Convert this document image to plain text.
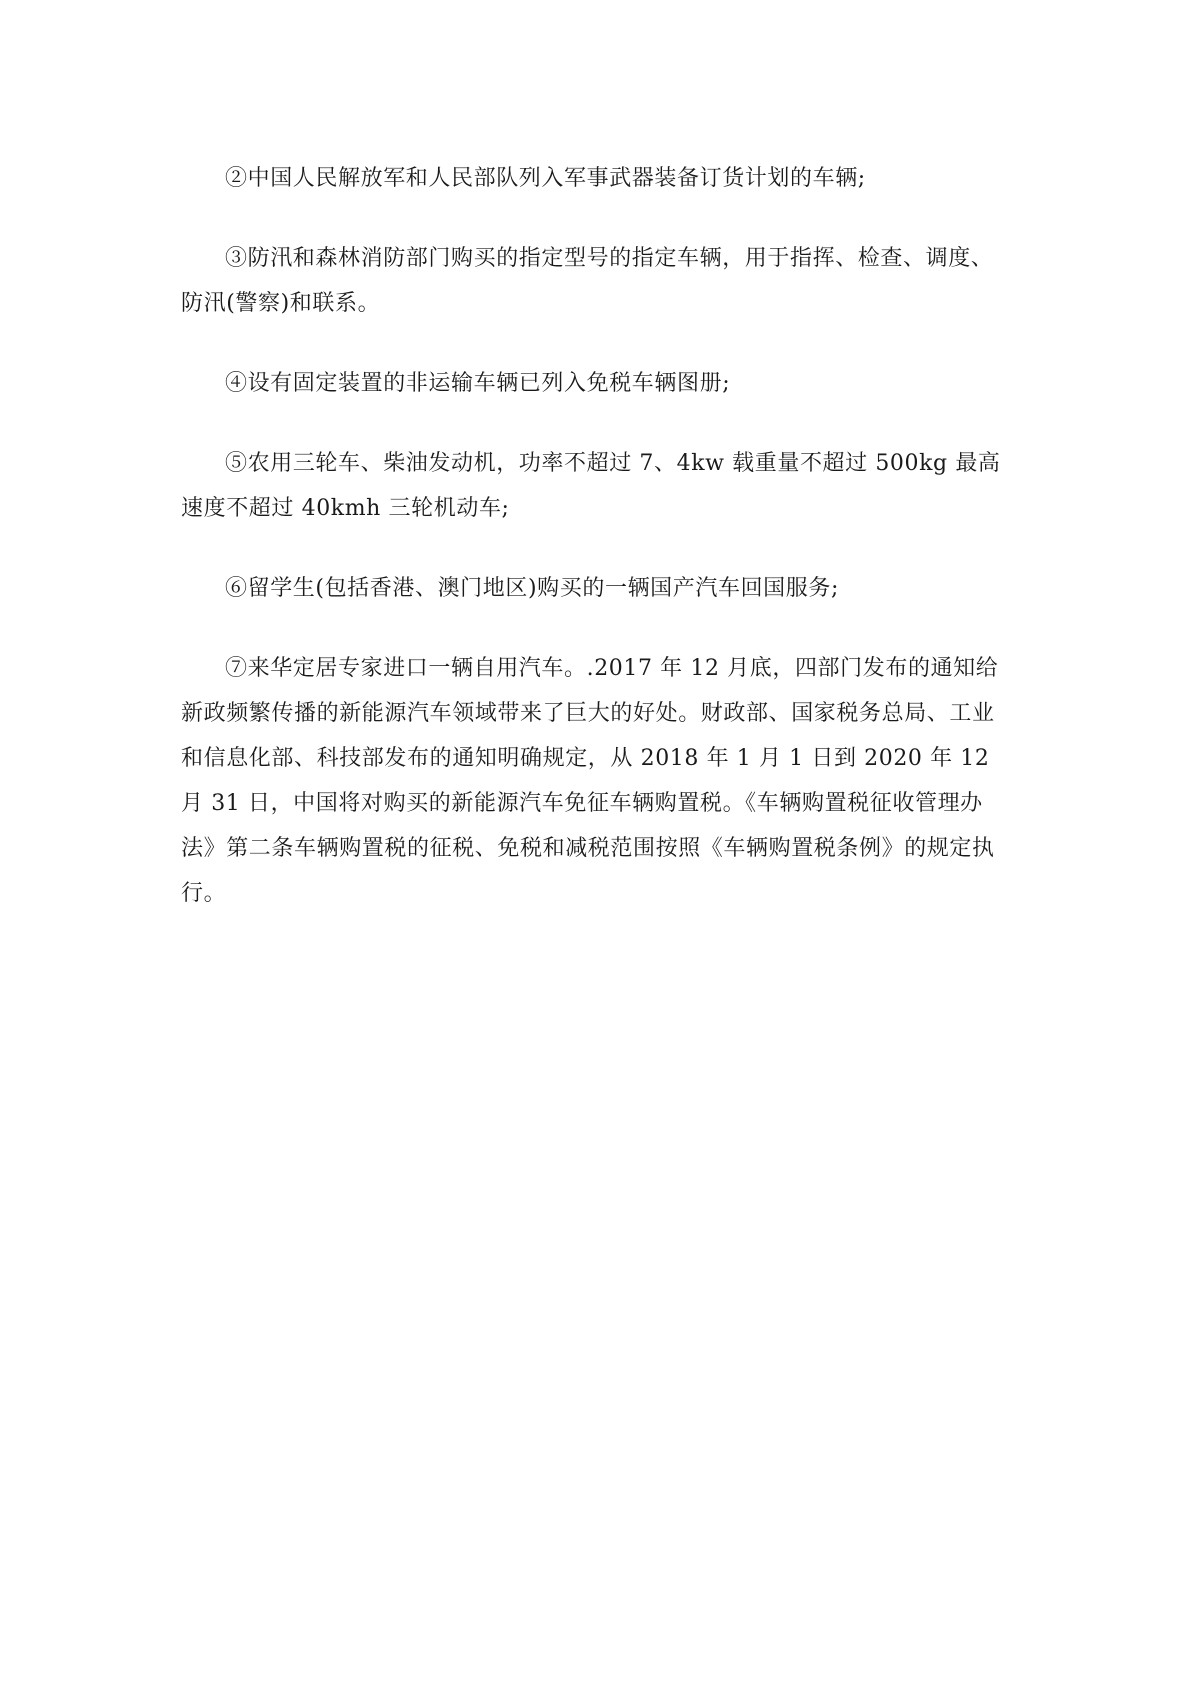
②中国人民解放军和人民部队列入军事武器装备订货计划的车辆;

③防汛和森林消防部门购买的指定型号的指定车辆，用于指挥、检查、调度、防汛(警察)和联系。

④设有固定装置的非运输车辆已列入免税车辆图册;

⑤农用三轮车、柴油发动机，功率不超过 7、4kw 载重量不超过 500kg 最高速度不超过 40kmh 三轮机动车;

⑥留学生(包括香港、澳门地区)购买的一辆国产汽车回国服务;

⑦来华定居专家进口一辆自用汽车。.2017 年 12 月底，四部门发布的通知给新政频繁传播的新能源汽车领域带来了巨大的好处。财政部、国家税务总局、工业和信息化部、科技部发布的通知明确规定，从 2018 年 1 月 1 日到 2020 年 12 月 31 日，中国将对购买的新能源汽车免征车辆购置税。《车辆购置税征收管理办法》第二条车辆购置税的征税、免税和减税范围按照《车辆购置税条例》的规定执行。
